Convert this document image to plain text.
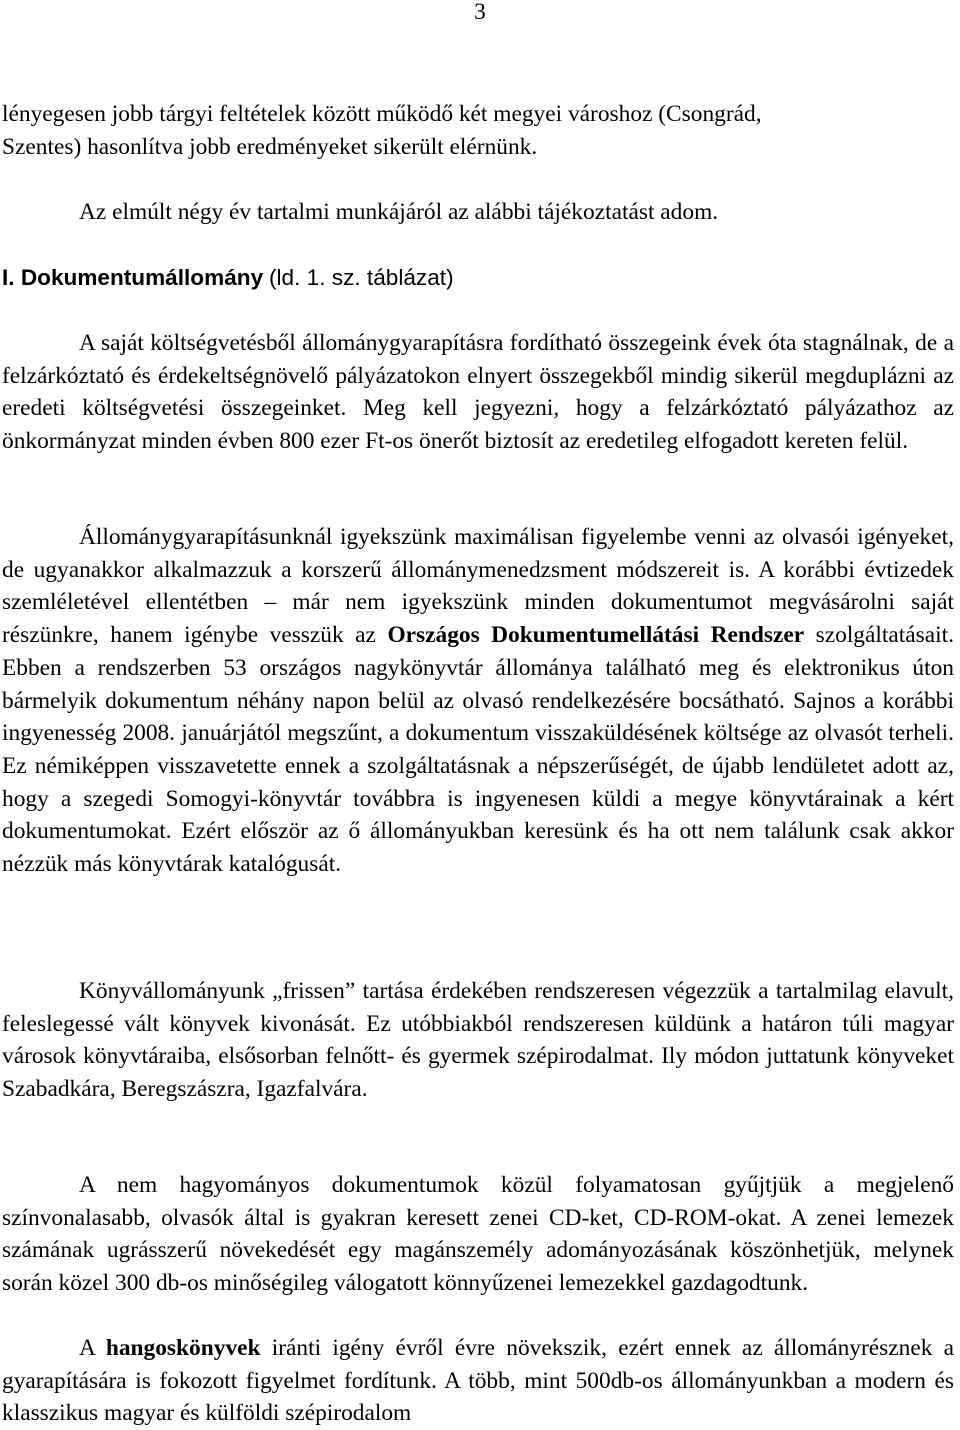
3

lényegesen jobb tárgyi feltételek között működő két megyei városhoz (Csongrád,

Szentes) hasonlítva jobb eredményeket sikerült elérnünk.

Az elmúlt négy év tartalmi munkájáról az alábbi tájékoztatást adom.

I. Dokumentumállomány (ld. 1. sz. táblázat)

A saját költségvetésből állománygyarapításra fordítható összegeink évek óta stagnálnak, de a felzárkóztató és érdekeltségnövelő pályázatokon elnyert összegekből mindig sikerül megduplázni az eredeti költségvetési összegeinket. Meg kell jegyezni, hogy a felzárkóztató pályázathoz az önkormányzat minden évben 800 ezer Ft-os önerőt biztosít az eredetileg elfogadott kereten felül.

Állománygyarapításunknál igyekszünk maximálisan figyelembe venni az olvasói igényeket, de ugyanakkor alkalmazzuk a korszerű állománymenedzsment módszereit is. A korábbi évtizedek szemléletével ellentétben – már nem igyekszünk minden dokumentumot megvásárolni saját részünkre, hanem igénybe vesszük az Országos Dokumentumellátási Rendszer szolgáltatásait. Ebben a rendszerben 53 országos nagykönyvtár állománya található meg és elektronikus úton bármelyik dokumentum néhány napon belül az olvasó rendelkezésére bocsátható. Sajnos a korábbi ingyenesség 2008. januárjától megszűnt, a dokumentum visszaküldésének költsége az olvasót terheli. Ez némiképpen visszavetette ennek a szolgáltatásnak a népszerűségét, de újabb lendületet adott az, hogy a szegedi Somogyi-könyvtár továbbra is ingyenesen küldi a megye könyvtárainak a kért dokumentumokat. Ezért először az ő állományukban keresünk és ha ott nem találunk csak akkor nézzük más könyvtárak katalógusát.

Könyvállományunk „frissen” tartása érdekében rendszeresen végezzük a tartalmilag elavult, feleslegessé vált könyvek kivonását. Ez utóbbiakból rendszeresen küldünk a határon túli magyar városok könyvtáraiba, elsősorban felnőtt- és gyermek szépirodalmat. Ily módon juttatunk könyveket Szabadkára, Beregszászra, Igazfalvára.

A nem hagyományos dokumentumok közül folyamatosan gyűjtjük a megjelenő színvonalasabb, olvasók által is gyakran keresett zenei CD-ket, CD-ROM-okat. A zenei lemezek számának ugrásszerű növekedését egy magánszemély adományozásának köszönhetjük, melynek során közel 300 db-os minőségileg válogatott könnyűzenei lemezekkel gazdagodtunk.

A hangoskönyvek iránti igény évről évre növekszik, ezért ennek az állományrésznek a gyarapítására is fokozott figyelmet fordítunk. A több, mint 500db-os állományunkban a modern és klasszikus magyar és külföldi szépirodalom
